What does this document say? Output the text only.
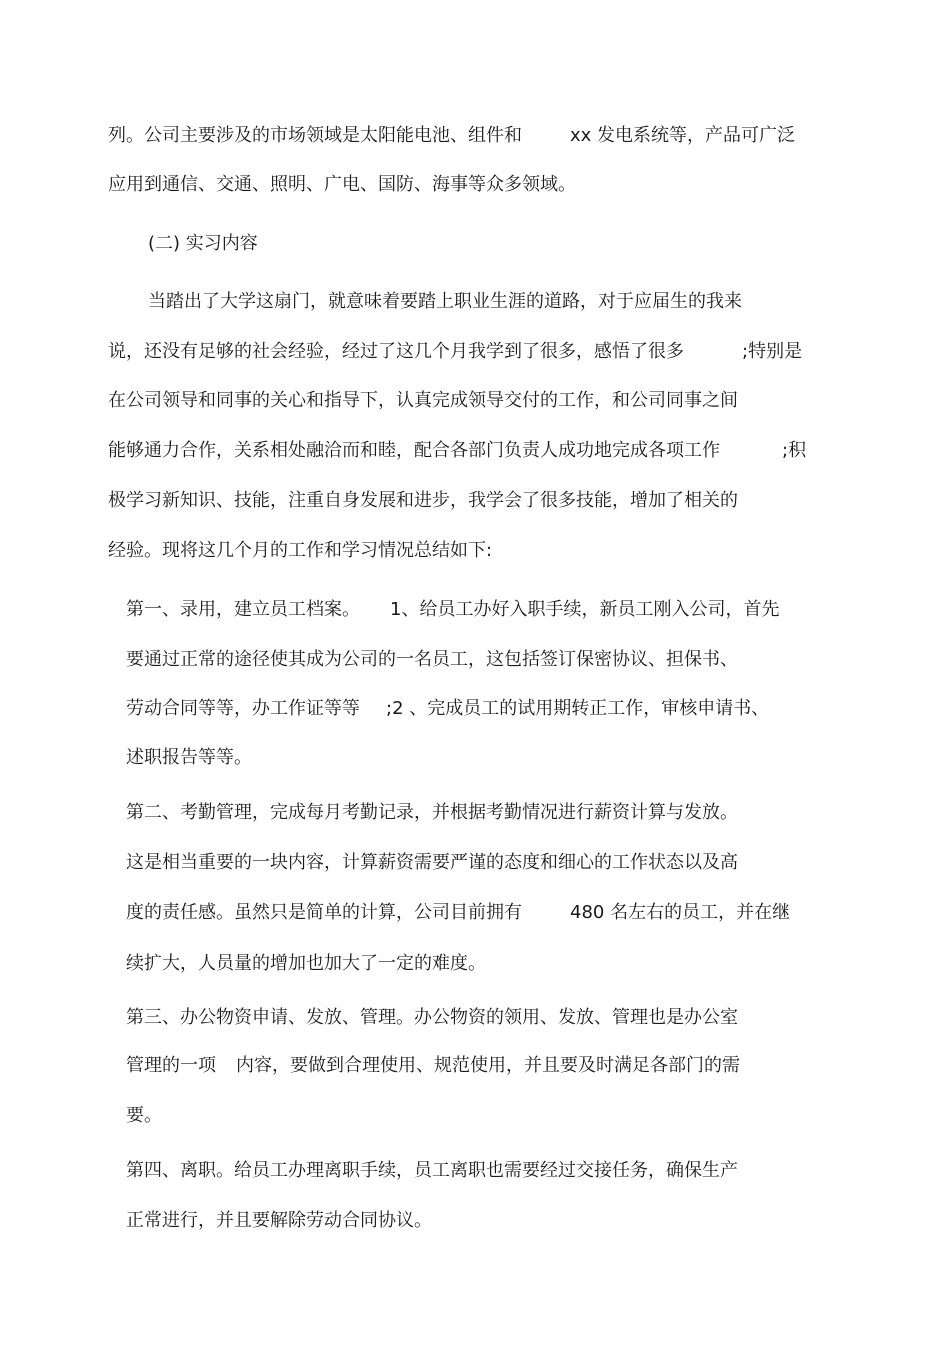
列。公司主要涉及的市场领域是太阳能电池、组件和	xx 发电系统等，产品可广泛
应用到通信、交通、照明、广电、国防、海事等众多领域。
(二) 实习内容
当踏出了大学这扇门，就意味着要踏上职业生涯的道路，对于应届生的我来
说，还没有足够的社会经验，经过了这几个月我学到了很多，感悟了很多	;特别是
在公司领导和同事的关心和指导下，认真完成领导交付的工作，和公司同事之间
能够通力合作，关系相处融洽而和睦，配合各部门负责人成功地完成各项工作	;积
极学习新知识、技能，注重自身发展和进步，我学会了很多技能，增加了相关的
经验。现将这几个月的工作和学习情况总结如下:
第一、录用，建立员工档案。 1、给员工办好入职手续，新员工刚入公司，首先
要通过正常的途径使其成为公司的一名员工，这包括签订保密协议、担保书、
劳动合同等等，办工作证等等 ;2 、完成员工的试用期转正工作，审核申请书、
述职报告等等。
第二、考勤管理，完成每月考勤记录，并根据考勤情况进行薪资计算与发放。
这是相当重要的一块内容，计算薪资需要严谨的态度和细心的工作状态以及高
度的责任感。虽然只是简单的计算，公司目前拥有	480 名左右的员工，并在继
续扩大，人员量的增加也加大了一定的难度。
第三、办公物资申请、发放、管理。办公物资的领用、发放、管理也是办公室
管理的一项 内容，要做到合理使用、规范使用，并且要及时满足各部门的需
要。
第四、离职。给员工办理离职手续，员工离职也需要经过交接任务，确保生产
正常进行，并且要解除劳动合同协议。
